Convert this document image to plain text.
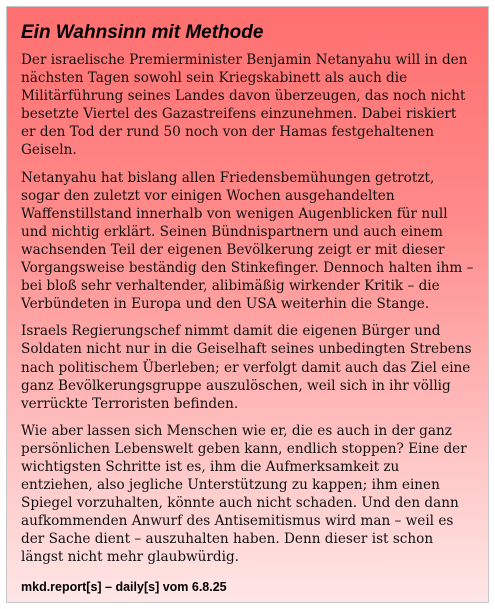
Ein Wahnsinn mit Methode

Der israelische Premierminister Benjamin Netanyahu will in den nächsten Tagen sowohl sein Kriegskabinett als auch die Militärführung seines Landes davon überzeugen, das noch nicht besetzte Viertel des Gazastreifens einzunehmen. Dabei riskiert er den Tod der rund 50 noch von der Hamas festgehaltenen Geiseln.

Netanyahu hat bislang allen Friedensbemühungen getrotzt, sogar den zuletzt vor einigen Wochen ausgehandelten Waffenstillstand innerhalb von wenigen Augenblicken für null und nichtig erklärt. Seinen Bündnispartnern und auch einem wachsenden Teil der eigenen Bevölkerung zeigt er mit dieser Vorgangsweise beständig den Stinkefinger. Dennoch halten ihm – bei bloß sehr verhaltender, alibimäßig wirkender Kritik – die Verbündeten in Europa und den USA weiterhin die Stange.

Israels Regierungschef nimmt damit die eigenen Bürger und Soldaten nicht nur in die Geiselhaft seines unbedingten Strebens nach politischem Überleben; er verfolgt damit auch das Ziel eine ganz Bevölkerungsgruppe auszulöschen, weil sich in ihr völlig verrückte Terroristen befinden.

Wie aber lassen sich Menschen wie er, die es auch in der ganz persönlichen Lebenswelt geben kann, endlich stoppen? Eine der wichtigsten Schritte ist es, ihm die Aufmerksamkeit zu entziehen, also jegliche Unterstützung zu kappen; ihm einen Spiegel vorzuhalten, könnte auch nicht schaden. Und den dann aufkommenden Anwurf des Antisemitismus wird man – weil es der Sache dient – auszuhalten haben. Denn dieser ist schon längst nicht mehr glaubwürdig.

mkd.report[s] – daily[s] vom 6.8.25
